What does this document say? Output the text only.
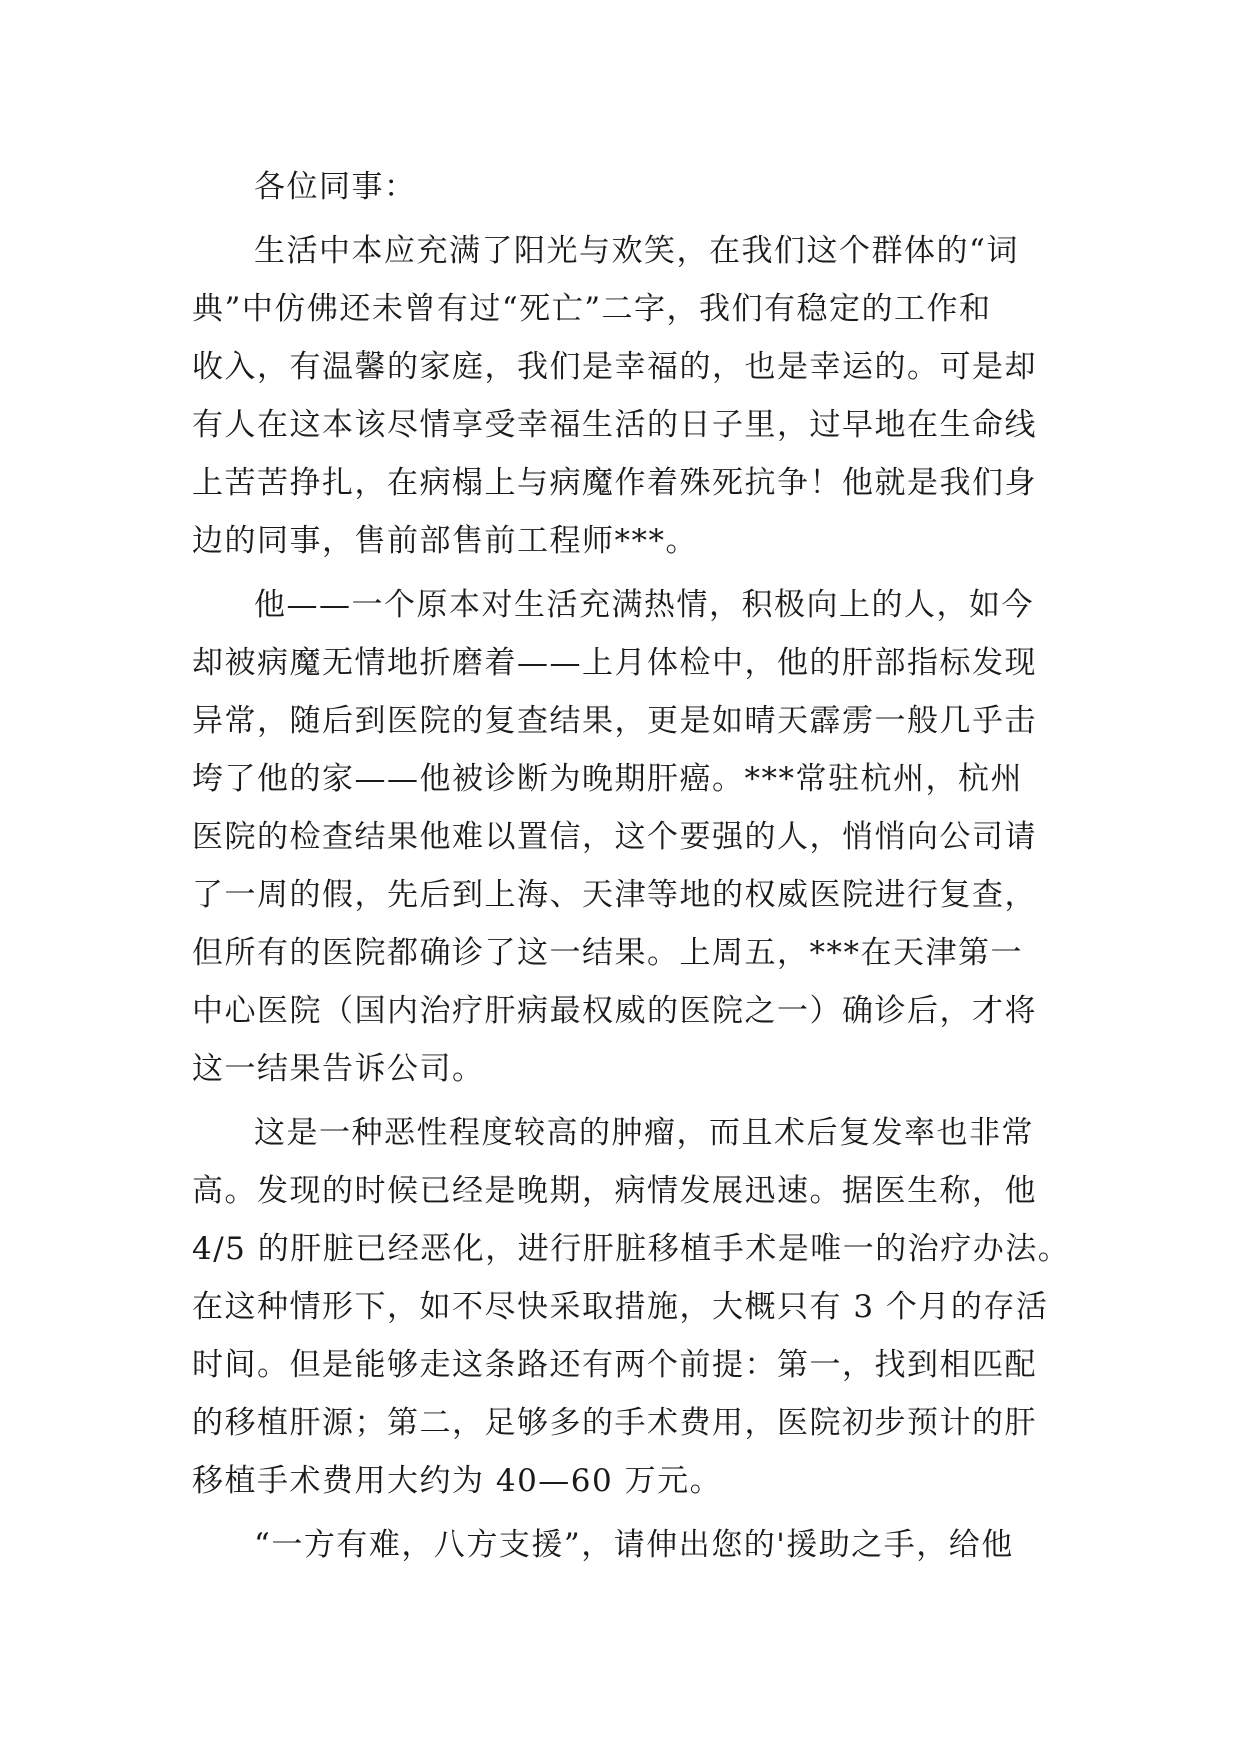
各位同事：
生活中本应充满了阳光与欢笑，在我们这个群体的“词
典”中仿佛还未曾有过“死亡”二字，我们有稳定的工作和
收入，有温馨的家庭，我们是幸福的，也是幸运的。可是却
有人在这本该尽情享受幸福生活的日子里，过早地在生命线
上苦苦挣扎，在病榻上与病魔作着殊死抗争！他就是我们身
边的同事，售前部售前工程师***。
他——一个原本对生活充满热情，积极向上的人，如今
却被病魔无情地折磨着——上月体检中，他的肝部指标发现
异常，随后到医院的复查结果，更是如晴天霹雳一般几乎击
垮了他的家——他被诊断为晚期肝癌。***常驻杭州，杭州
医院的检查结果他难以置信，这个要强的人，悄悄向公司请
了一周的假，先后到上海、天津等地的权威医院进行复查，
但所有的医院都确诊了这一结果。上周五，***在天津第一
中心医院（国内治疗肝病最权威的医院之一）确诊后，才将
这一结果告诉公司。
这是一种恶性程度较高的肿瘤，而且术后复发率也非常
高。发现的时候已经是晚期，病情发展迅速。据医生称，他
4/5 的肝脏已经恶化，进行肝脏移植手术是唯一的治疗办法。
在这种情形下，如不尽快采取措施，大概只有 3 个月的存活
时间。但是能够走这条路还有两个前提：第一，找到相匹配
的移植肝源；第二，足够多的手术费用，医院初步预计的肝
移植手术费用大约为 40—60 万元。
“一方有难，八方支援”，请伸出您的'援助之手，给他
